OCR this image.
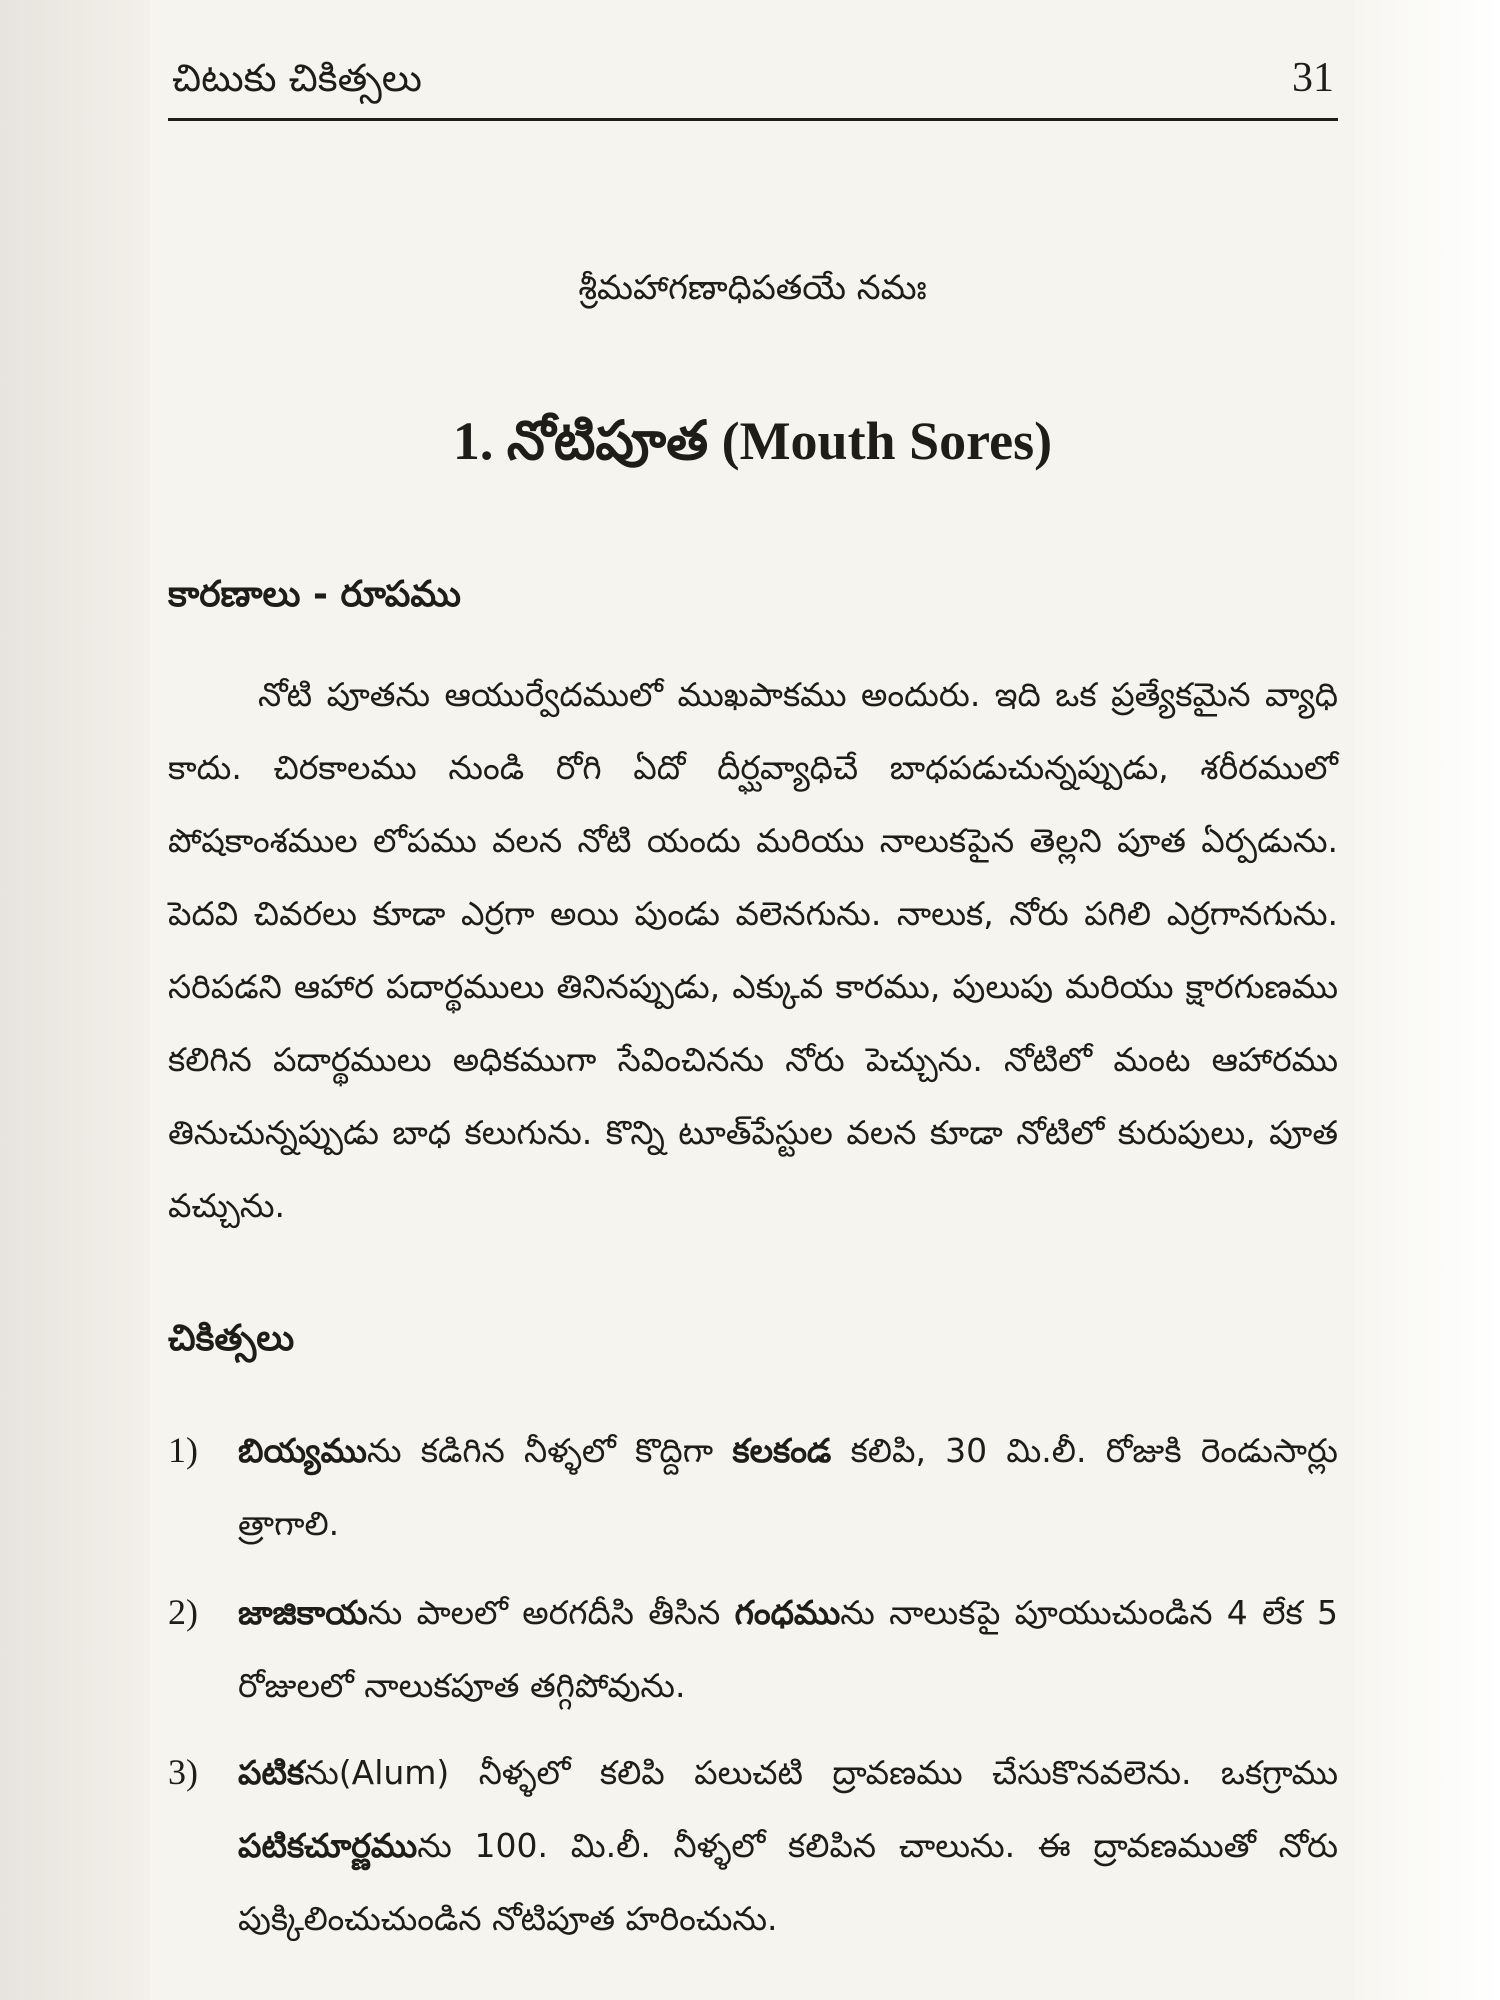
చిటుకు చికిత్సలు	31
శ్రీమహాగణాధిపతయే నమః
1. నోటిపూత (Mouth Sores)
కారణాలు - రూపము
నోటి పూతను ఆయుర్వేదములో ముఖపాకము అందురు. ఇది ఒక ప్రత్యేకమైన వ్యాధి కాదు. చిరకాలము నుండి రోగి ఏదో దీర్ఘవ్యాధిచే బాధపడుచున్నప్పుడు, శరీరములో పోషకాంశముల లోపము వలన నోటి యందు మరియు నాలుకపైన తెల్లని పూత ఏర్పడును. పెదవి చివరలు కూడా ఎర్రగా అయి పుండు వలెనగును. నాలుక, నోరు పగిలి ఎర్రగానగును. సరిపడని ఆహార పదార్థములు తినినప్పుడు, ఎక్కువ కారము, పులుపు మరియు క్షారగుణము కలిగిన పదార్థములు అధికముగా సేవించినను నోరు పెచ్చును. నోటిలో మంట ఆహారము తినుచున్నప్పుడు బాధ కలుగును. కొన్ని టూత్‌పేస్టుల వలన కూడా నోటిలో కురుపులు, పూత వచ్చును.
చికిత్సలు
1) బియ్యమును కడిగిన నీళ్ళలో కొద్దిగా కలకండ కలిపి, 30 మి.లీ. రోజుకి రెండుసార్లు త్రాగాలి.
2) జాజికాయను పాలలో అరగదీసి తీసిన గంధమును నాలుకపై పూయుచుండిన 4 లేక 5 రోజులలో నాలుకపూత తగ్గిపోవును.
3) పటికను(Alum) నీళ్ళలో కలిపి పలుచటి ద్రావణము చేసుకొనవలెను. ఒకగ్రాము పటికచూర్ణమును 100. మి.లీ. నీళ్ళలో కలిపిన చాలును. ఈ ద్రావణముతో నోరు పుక్కిలించుచుండిన నోటిపూత హరించును.
